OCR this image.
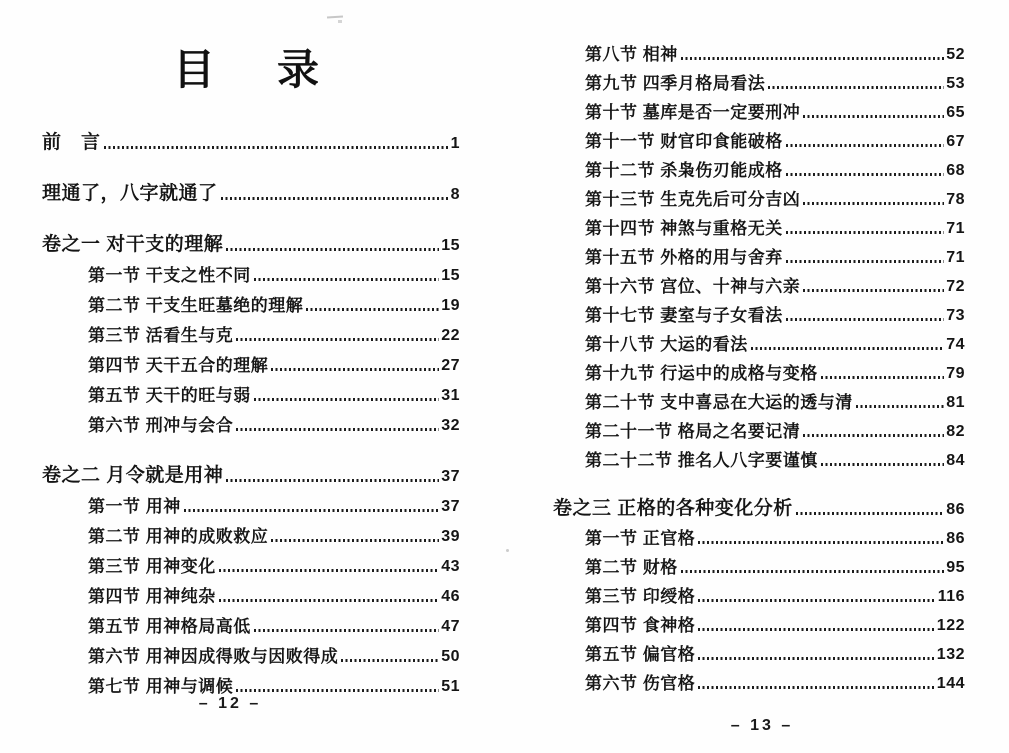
目　录
前　言	1
理通了，八字就通了	8
卷之一 对干支的理解	15
第一节 干支之性不同	15
第二节 干支生旺墓绝的理解	19
第三节 活看生与克	22
第四节 天干五合的理解	27
第五节 天干的旺与弱	31
第六节 刑冲与会合	32
卷之二 月令就是用神	37
第一节 用神	37
第二节 用神的成败救应	39
第三节 用神变化	43
第四节 用神纯杂	46
第五节 用神格局高低	47
第六节 用神因成得败与因败得成	50
第七节 用神与调候	51
第八节 相神	52
第九节 四季月格局看法	53
第十节 墓库是否一定要刑冲	65
第十一节 财官印食能破格	67
第十二节 杀枭伤刃能成格	68
第十三节 生克先后可分吉凶	78
第十四节 神煞与重格无关	71
第十五节 外格的用与舍弃	71
第十六节 宫位、十神与六亲	72
第十七节 妻室与子女看法	73
第十八节 大运的看法	74
第十九节 行运中的成格与变格	79
第二十节 支中喜忌在大运的透与清	81
第二十一节 格局之名要记清	82
第二十二节 推名人八字要谨慎	84
卷之三 正格的各种变化分析	86
第一节 正官格	86
第二节 财格	95
第三节 印绶格	116
第四节 食神格	122
第五节 偏官格	132
第六节 伤官格	144
– 12 –
– 13 –
